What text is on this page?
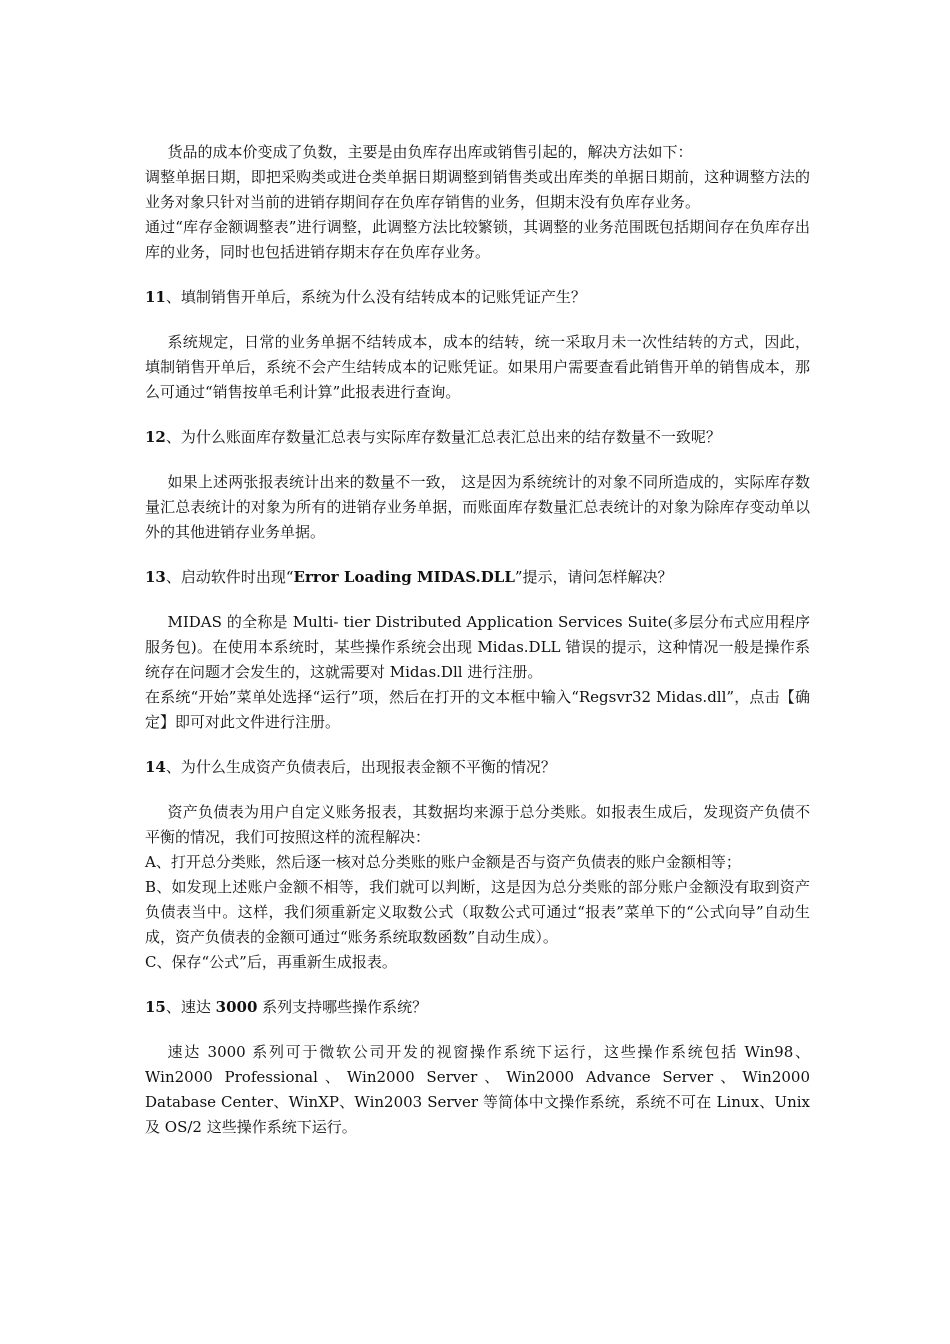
货品的成本价变成了负数，主要是由负库存出库或销售引起的，解决方法如下：

调整单据日期，即把采购类或进仓类单据日期调整到销售类或出库类的单据日期前，这种调整方法的业务对象只针对当前的进销存期间存在负库存销售的业务，但期末没有负库存业务。

通过“库存金额调整表”进行调整，此调整方法比较繁锁，其调整的业务范围既包括期间存在负库存出库的业务，同时也包括进销存期末存在负库存业务。

11、填制销售开单后，系统为什么没有结转成本的记账凭证产生？

系统规定，日常的业务单据不结转成本，成本的结转，统一采取月未一次性结转的方式，因此，填制销售开单后，系统不会产生结转成本的记账凭证。如果用户需要查看此销售开单的销售成本，那么可通过“销售按单毛利计算”此报表进行查询。

12、为什么账面库存数量汇总表与实际库存数量汇总表汇总出来的结存数量不一致呢？

如果上述两张报表统计出来的数量不一致， 这是因为系统统计的对象不同所造成的，实际库存数量汇总表统计的对象为所有的进销存业务单据，而账面库存数量汇总表统计的对象为除库存变动单以外的其他进销存业务单据。

13、启动软件时出现“Error Loading MIDAS.DLL”提示，请问怎样解决？

MIDAS 的全称是 Multi- tier Distributed Application Services Suite(多层分布式应用程序服务包)。在使用本系统时，某些操作系统会出现 Midas.DLL 错误的提示，这种情况一般是操作系统存在问题才会发生的，这就需要对 Midas.Dll 进行注册。

在系统“开始”菜单处选择“运行”项，然后在打开的文本框中输入“Regsvr32 Midas.dll”，点击【确定】即可对此文件进行注册。

14、为什么生成资产负债表后，出现报表金额不平衡的情况？

资产负债表为用户自定义账务报表，其数据均来源于总分类账。如报表生成后，发现资产负债不平衡的情况，我们可按照这样的流程解决：

A、打开总分类账，然后逐一核对总分类账的账户金额是否与资产负债表的账户金额相等；

B、如发现上述账户金额不相等，我们就可以判断，这是因为总分类账的部分账户金额没有取到资产负债表当中。这样，我们须重新定义取数公式（取数公式可通过“报表”菜单下的“公式向导”自动生成，资产负债表的金额可通过“账务系统取数函数”自动生成）。

C、保存“公式”后，再重新生成报表。

15、速达 3000 系列支持哪些操作系统？

速达 3000 系列可于微软公司开发的视窗操作系统下运行，这些操作系统包括 Win98、Win2000 Professional、Win2000 Server、Win2000 Advance Server、Win2000 Database Center、WinXP、Win2003 Server 等简体中文操作系统，系统不可在 Linux、Unix 及 OS/2 这些操作系统下运行。
